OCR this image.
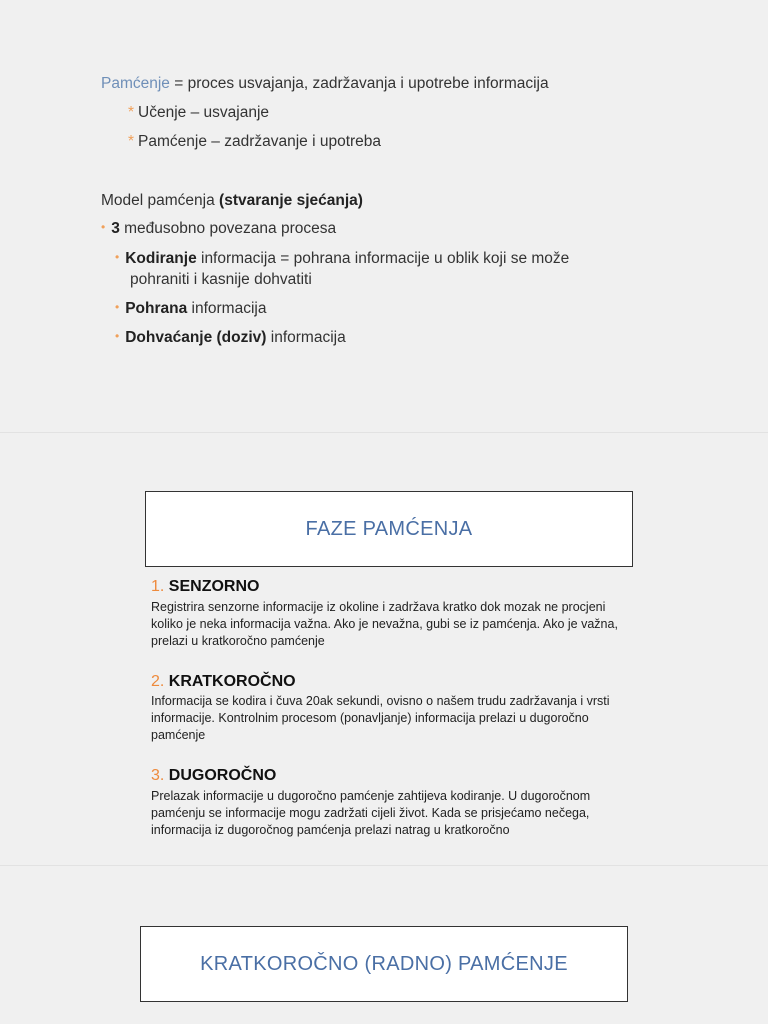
Pamćenje = proces usvajanja, zadržavanja i upotrebe informacija
* Učenje – usvajanje
* Pamćenje – zadržavanje i upotreba
Model pamćenja (stvaranje sjećanja)
• 3 međusobno povezana procesa
• Kodiranje informacija = pohrana informacije u oblik koji se može
pohraniti i kasnije dohvatiti
• Pohrana informacija
• Dohvaćanje (doziv) informacija
FAZE PAMĆENJA
1. SENZORNO
Registrira senzorne informacije iz okoline i zadržava kratko dok mozak ne procjeni koliko je neka informacija važna. Ako je nevažna, gubi se iz pamćenja. Ako je važna, prelazi u kratkoročno pamćenje
2. KRATKOROČNO
Informacija se kodira i čuva 20ak sekundi, ovisno o našem trudu zadržavanja i vrsti informacije. Kontrolnim procesom (ponavljanje) informacija prelazi u dugoročno pamćenje
3. DUGOROČNO
Prelazak informacije u dugoročno pamćenje zahtijeva kodiranje. U dugoročnom pamćenju se informacije mogu zadržati cijeli život. Kada se prisjećamo nečega, informacija iz dugoročnog pamćenja prelazi natrag u kratkoročno
KRATKOROČNO (RADNO) PAMĆENJE
